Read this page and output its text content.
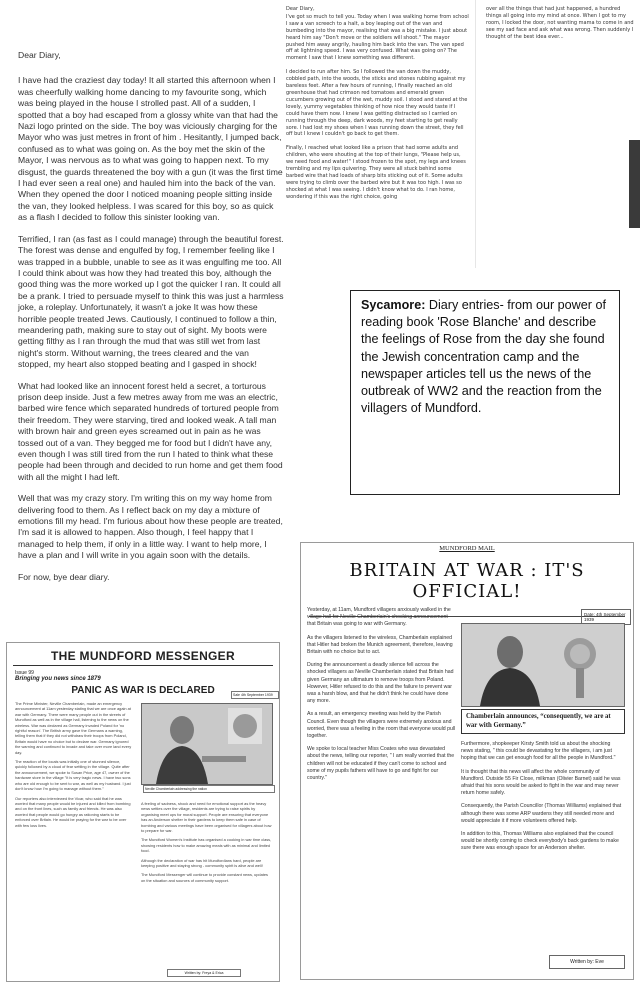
Dear Diary,

I have had the craziest day today! It all started this afternoon when I was cheerfully walking home dancing to my favourite song, which was being played in the house I strolled past. All of a sudden, I spotted that a boy had escaped from a glossy white van that had the Nazi logo printed on the side. The boy was viciously charging for the Mayor who was just metres in front of him . Hesitantly, I jumped back, confused as to what was going on. As the boy met the skin of the Mayor, I was nervous as to what was going to happen next. To my disgust, the guards threatened the boy with a gun (it was the first time I had ever seen a real one) and hauled him into the back of the van. When they opened the door I noticed moaning people sitting inside the van, they looked helpless. I was scared for this boy, so as quick as a flash I decided to follow this sinister looking van.

Terrified, I ran (as fast as I could manage) through the beautiful forest. The forest was dense and engulfed by fog, I remember feeling like I was trapped in a bubble, unable to see as it was engulfing me too. All I could think about was how they had treated this boy, although the good thing was the more worked up I got the quicker I ran. It could all be a prank. I tried to persuade myself to think this was just a harmless joke, a roleplay. Unfortunately, it wasn't a joke It was how these horrible people treated Jews. Cautiously, I continued to follow a thin, meandering path, making sure to stay out of sight. My boots were getting filthy as I ran through the mud that was still wet from last night's storm. Without warning, the trees cleared and the van stopped, my heart also stopped beating and I gasped in shock!

What had looked like an innocent forest held a secret, a torturous prison deep inside. Just a few metres away from me was an electric, barbed wire fence which separated hundreds of tortured people from their freedom. They were starving, tired and looked weak. A tall man with brown hair and green eyes screamed out in pain as he was tossed out of a van. They begged me for food but I didn't have any, even though I was still tired from the run I hated to think what these people had been through and decided to run home and get them food with all the might I had left.

Well that was my crazy story. I'm writing this on my way home from delivering food to them. As I reflect back on my day a mixture of emotions fill my head. I'm furious about how these people are treated, I'm sad it is allowed to happen. Also though, I feel happy that I managed to help them, if only in a little way. I want to help more, I have a plan and I will write in you again soon with the details.

For now, bye dear diary.

Dear Diary,

I've got so much to tell you. Today when I was walking home from school I saw a van screech to a halt, a boy leaping out of the van and bumbeding into the mayor, realising that was a big mistake. I just about heard him say "Don't move or the soldiers will shoot." The mayor pushed him away angrily, hauling him back into the van. The van sped off at lightning speed. I was very confused. What was going on? The moment I saw that I knew something was different.

I decided to run after him. So I followed the van down the muddy, cobbled path, into the woods, the sticks and stones rubbing against my bareless feet. After a few hours of running, I finally reached an old greenhouse that had crimson red tomatoes and emerald green cucumbers growing out of the wet, muddy soil. I stood and stared at the lovely, yummy vegetables thinking of how nice they would taste if I could have them now. I knew I was getting distracted so I carried on running through the deep, dark woods, my feet starting to get really sore. I had lost my shoes when I was running down the street, they fell off but I knew I couldn't go back to get them.

Finally, I reached what looked like a prison that had some adults and children, who were shouting at the top of their lungs, "Please help us, we need food and water!" I stood frozen to the spot, my legs and knees trembling and my lips quivering. They were all stuck behind some barbed wire that had loads of sharp bits sticking out of it. Some adults were trying to climb over the barbed wire but it was too high. I was so shocked at what I was seeing. I didn't know what to do. I ran home, wondering if this was the right choice, going

over all the things that had just happened, a hundred things all going into my mind at once. When I got to my room, I locked the door, not wanting mama to come in and see my sad face and ask what was wrong. Then suddenly I thought of the best idea ever...

Sycamore: Diary entries- from our power of reading book 'Rose Blanche' and describe the feelings of Rose from the day she found the Jewish concentration camp and the newspaper articles tell us the news of the outbreak of WW2 and the reaction from the villagers of Mundford.
THE MUNDFORD MESSENGER
Issue 99
Bringing you news since 1879
PANIC AS WAR IS DECLARED	Sale 4th September 1939

The Prime Minister, Neville Chamberlain, made an emergency announcement at 11am yesterday stating that we are once again at war with Germany. There were many people out in the streets of Mundford as well as in the village hall, listening to the news on the wireless. War was declared as Germany invaded Poland for 'no rightful reason'. The British army gave the Germans a warning, telling them that if they did not withdraw their troops from Poland, Britain would have no choice but to declare war. Germany ignored the warning and continued to invade and take over more land every day.

The reaction of the locals was initially one of stunned silence, quickly followed by a cloud of fear settling in the village. Quite after the announcement, we spoke to Susan Price, age 47, owner of the hardware store in the village "It is very tragic news. I have two sons who are old enough to be sent to war, as well as my husband. I just don't know how I'm going to manage without them."

Our reporters also interviewed the Vicar, who said that he was worried that many people would be injured and killed from bombing and on the front lines, such as family and friends. He was also worried that people would go hungry as rationing starts to be enforced over Britain. He would be praying for the war to be over with few loss lives.

Neville Chamberlain addressing the nation

A feeling of sadness, shock and need for emotional support as the heavy news settles over the village, residents are trying to raise spirits by organising meet ups for moral support. People are ensuring that everyone has an Anderson shelter in their gardens to keep them safe in case of bombing and various meetings have been organised for villagers about how to prepare for war.

The Mundford Women's Institute has organised a cooking in war time class, showing residents how to make amazing meals with as minimal and limited food.

Although the declaration of war has hit Mundfordians hard, people are keeping positive and staying strong - community spirit is alive and well!

The Mundford Messenger will continue to provide constant news, updates on the situation and sources of community support.

Written by: Freya & Erica
MUNDFORD MAIL
BRITAIN AT WAR : IT'S OFFICIAL!

Yesterday, at 11am, Mundford villagers anxiously walked in the village hall for Neville Chamberlain's shocking announcement that Britain was going to war with Germany.

As the villagers listened to the wireless, Chamberlain explained that Hitler had broken the Munich agreement, therefore, leaving Britain with no choice but to act.

During the announcement a deadly silence fell across the shocked villagers as Neville Chamberlain stated that Britain had given Germany an ultimatum to remove troops from Poland. However, Hitler refused to do this and the failure to prevent war was a harsh blow, and that he didn't think he could have done any more.

As a result, an emergency meeting was held by the Parish Council. Even though the villagers were extremely anxious and worried, there was a feeling in the room that everyone would pull together.

We spoke to local teacher Miss Coates who was devastated about the news, telling our reporter, " I am really worried that the children will not be educated if they can't come to school and some of my pupils fathers will have to go and fight for our country."

Date: 4th September 1939
Chamberlain announces, “consequently, we are at war with Germany.”

Furthermore, shopkeeper Kirsty Smith told us about the shocking news stating, " this could be devastating for the villagers, i am just hoping that we can get enough food for all the people in Mundford."

It is thought that this news will affect the whole community of Mundford. Outside 55 Fir Close, milkman (Olivier Barnet) said he was afraid that his sons would be asked to fight in the war and may never return home safely.

Consequently, the Parish Councillor (Thomas Williams) explained that although there was some ARP wardens they still needed more and would appreciate it if more volunteers offered help.

In addition to this, Thomas Williams also explained that the council would be shortly coming to check everybody's back gardens to make sure there was enough space for an Anderson shelter.

Written by: Eve
